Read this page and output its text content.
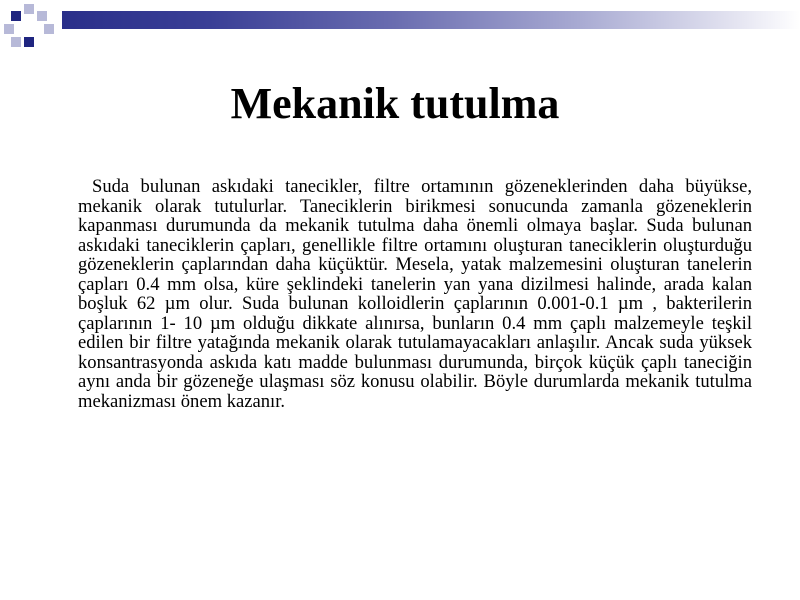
Mekanik tutulma

Suda bulunan askıdaki tanecikler, filtre ortamının gözeneklerinden daha büyükse, mekanik olarak tutulurlar. Taneciklerin birikmesi sonucunda zamanla gözeneklerin kapanması durumunda da mekanik tutulma daha önemli olmaya başlar. Suda bulunan askıdaki taneciklerin çapları, genellikle filtre ortamını oluşturan taneciklerin oluşturduğu gözeneklerin çaplarından daha küçüktür. Mesela, yatak malzemesini oluşturan tanelerin çapları 0.4 mm olsa, küre şeklindeki tanelerin yan yana dizilmesi halinde, arada kalan boşluk 62 µm olur. Suda bulunan kolloidlerin çaplarının 0.001-0.1 µm , bakterilerin çaplarının 1- 10 µm olduğu dikkate alınırsa, bunların 0.4 mm çaplı malzemeyle teşkil edilen bir filtre yatağında mekanik olarak tutulamayacakları anlaşılır. Ancak suda yüksek konsantrasyonda askıda katı madde bulunması durumunda, birçok küçük çaplı taneciğin aynı anda bir gözeneğe ulaşması söz konusu olabilir. Böyle durumlarda mekanik tutulma mekanizması önem kazanır.
